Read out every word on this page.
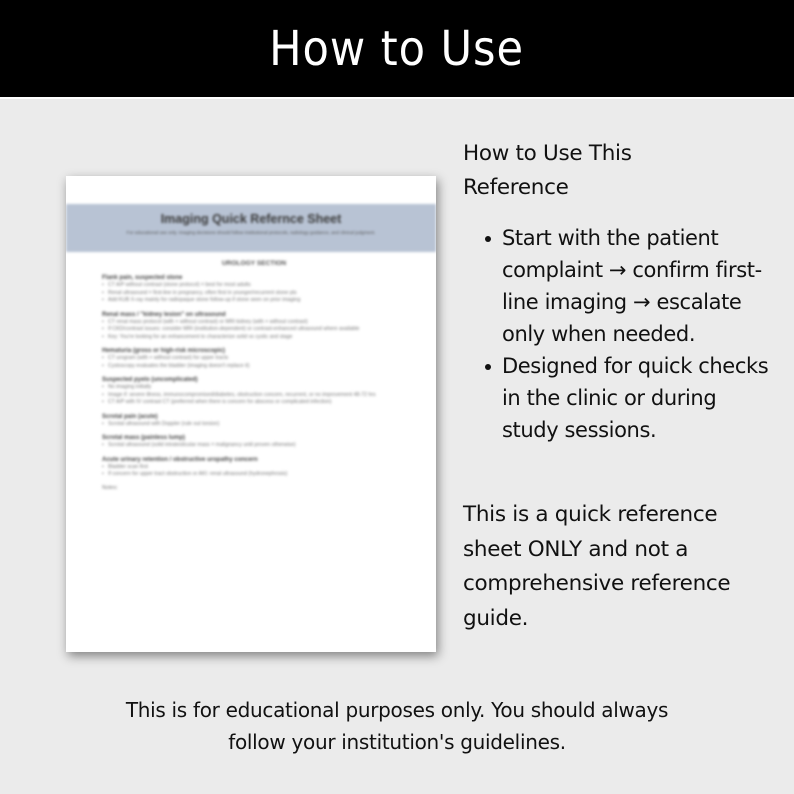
How to Use
Imaging Quick Refernce Sheet
For educational use only. Imaging decisions should follow institutional protocols, radiology guidance, and clinical judgment.
UROLOGY SECTION
Flank pain, suspected stone
• CT A/P without contrast (stone protocol) = best for most adults
• Renal ultrasound = first-line in pregnancy, often first in younger/recurrent stone pts
• Add KUB X-ray mainly for radiopaque stone follow-up if stone seen on prior imaging
Renal mass / "kidney lesion" on ultrasound
• CT renal mass protocol (with + without contrast) or MRI kidney (with + without contrast)
• If CKD/contrast issues: consider MRI (institution-dependent) or contrast-enhanced ultrasound where available
• Key: You're looking for an enhancement to characterize solid vs cystic and stage
Hematuria (gross or high-risk microscopic)
• CT urogram (with + without contrast) for upper tracts
• Cystoscopy evaluates the bladder (imaging doesn't replace it)
Suspected pyelo (uncomplicated)
• No imaging initially
• Image if: severe illness, immunocompromised/diabetes, obstruction concern, recurrent, or no improvement 48-72 hrs
• CT A/P with IV contrast CT (preferred when there is concern for abscess or complicated infection)
Scrotal pain (acute)
• Scrotal ultrasound with Doppler (rule out torsion)
Scrotal mass (painless lump)
• Scrotal ultrasound (solid intratesticular mass = malignancy until proven otherwise)
Acute urinary retention / obstructive uropathy concern
• Bladder scan first
• If concern for upper tract obstruction or AKI: renal ultrasound (hydronephrosis)
Notes:

How to Use This Reference

Start with the patient complaint → confirm first-line imaging → escalate only when needed.
Designed for quick checks in the clinic or during study sessions.
This is a quick reference sheet ONLY and not a comprehensive reference guide.
This is for educational purposes only. You should always
follow your institution's guidelines.
